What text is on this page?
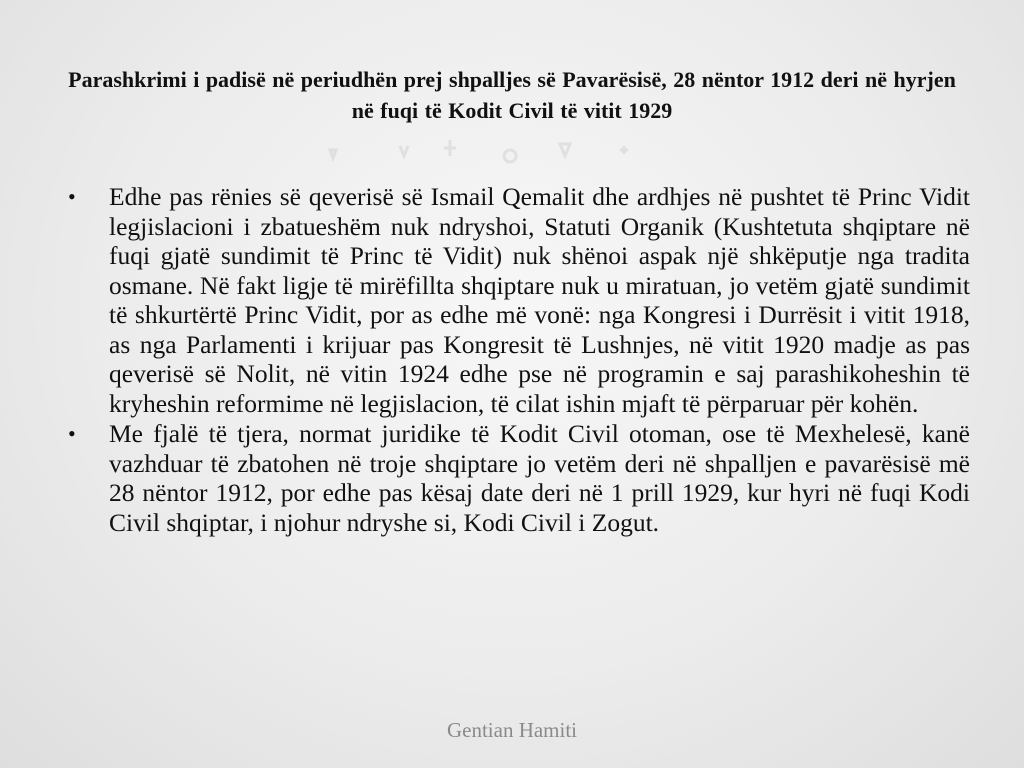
Parashkrimi i padisë në periudhën prej shpalljes së Pavarësisë, 28 nëntor 1912 deri në hyrjen në fuqi të Kodit Civil të vitit 1929
• Edhe pas rënies së qeverisë së Ismail Qemalit dhe ardhjes në pushtet të Princ Vidit legjislacioni i zbatueshëm nuk ndryshoi, Statuti Organik (Kushtetuta shqiptare në fuqi gjatë sundimit të Princ të Vidit) nuk shënoi aspak një shkëputje nga tradita osmane. Në fakt ligje të mirëfillta shqiptare nuk u miratuan, jo vetëm gjatë sundimit të shkurtërtë Princ Vidit, por as edhe më vonë: nga Kongresi i Durrësit i vitit 1918, as nga Parlamenti i krijuar pas Kongresit të Lushnjes, në vitit 1920 madje as pas qeverisë së Nolit, në vitin 1924 edhe pse në programin e saj parashikoheshin të kryheshin reformime në legjislacion, të cilat ishin mjaft të përparuar për kohën.
• Me fjalë të tjera, normat juridike të Kodit Civil otoman, ose të Mexhelesë, kanë vazhduar të zbatohen në troje shqiptare jo vetëm deri në shpalljen e pavarësisë më 28 nëntor 1912, por edhe pas kësaj date deri në 1 prill 1929, kur hyri në fuqi Kodi Civil shqiptar, i njohur ndryshe si, Kodi Civil i Zogut.
Gentian Hamiti
